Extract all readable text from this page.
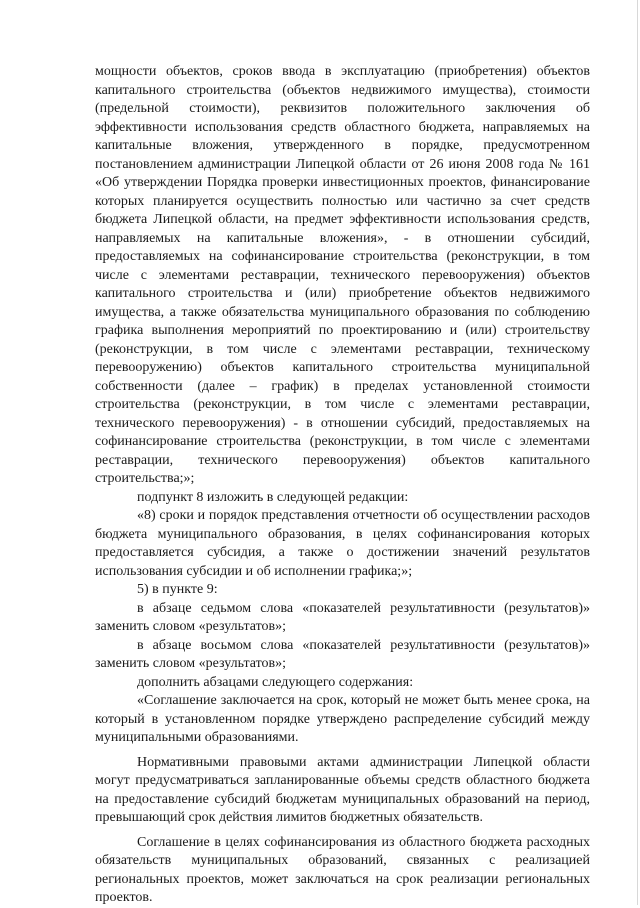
мощности объектов, сроков ввода в эксплуатацию (приобретения) объектов капитального строительства (объектов недвижимого имущества), стоимости (предельной стоимости), реквизитов положительного заключения об эффективности использования средств областного бюджета, направляемых на капитальные вложения, утвержденного в порядке, предусмотренном постановлением администрации Липецкой области от 26 июня 2008 года № 161 «Об утверждении Порядка проверки инвестиционных проектов, финансирование которых планируется осуществить полностью или частично за счет средств бюджета Липецкой области, на предмет эффективности использования средств, направляемых на капитальные вложения», - в отношении субсидий, предоставляемых на софинансирование строительства (реконструкции, в том числе с элементами реставрации, технического перевооружения) объектов капитального строительства и (или) приобретение объектов недвижимого имущества, а также обязательства муниципального образования по соблюдению графика выполнения мероприятий по проектированию и (или) строительству (реконструкции, в том числе с элементами реставрации, техническому перевооружению) объектов капитального строительства муниципальной собственности (далее – график) в пределах установленной стоимости строительства (реконструкции, в том числе с элементами реставрации, технического перевооружения) - в отношении субсидий, предоставляемых на софинансирование строительства (реконструкции, в том числе с элементами реставрации, технического перевооружения) объектов капитального строительства;»;

подпункт 8 изложить в следующей редакции:

«8) сроки и порядок представления отчетности об осуществлении расходов бюджета муниципального образования, в целях софинансирования которых предоставляется субсидия, а также о достижении значений результатов использования субсидии и об исполнении графика;»;

5) в пункте 9:

в абзаце седьмом слова «показателей результативности (результатов)» заменить словом «результатов»;

в абзаце восьмом слова «показателей результативности (результатов)» заменить словом «результатов»;

дополнить абзацами следующего содержания:

«Соглашение заключается на срок, который не может быть менее срока, на который в установленном порядке утверждено распределение субсидий между муниципальными образованиями.

Нормативными правовыми актами администрации Липецкой области могут предусматриваться запланированные объемы средств областного бюджета на предоставление субсидий бюджетам муниципальных образований на период, превышающий срок действия лимитов бюджетных обязательств.

Соглашение в целях софинансирования из областного бюджета расходных обязательств муниципальных образований, связанных с реализацией региональных проектов, может заключаться на срок реализации региональных проектов.
